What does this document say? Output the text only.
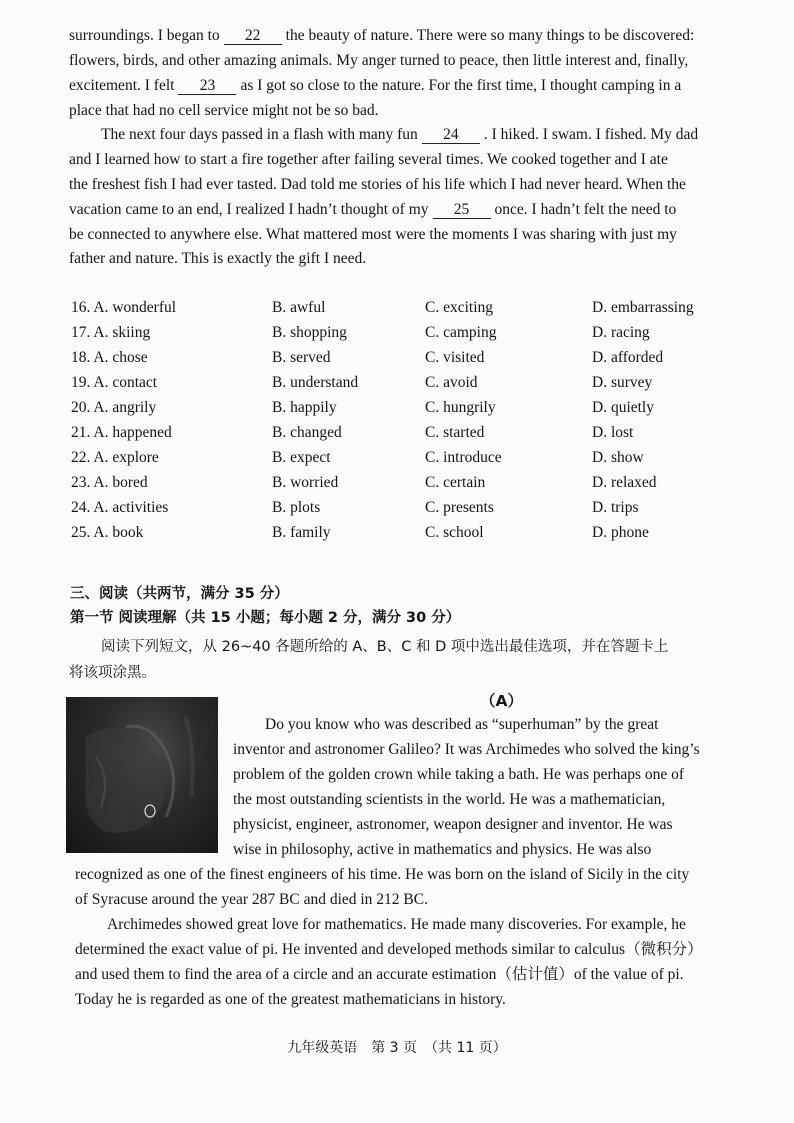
surroundings. I began to 22 the beauty of nature. There were so many things to be discovered:
flowers, birds, and other amazing animals. My anger turned to peace, then little interest and, finally,
excitement. I felt 23 as I got so close to the nature. For the first time, I thought camping in a
place that had no cell service might not be so bad.
The next four days passed in a flash with many fun 24 . I hiked. I swam. I fished. My dad
and I learned how to start a fire together after failing several times. We cooked together and I ate
the freshest fish I had ever tasted. Dad told me stories of his life which I had never heard. When the
vacation came to an end, I realized I hadn’t thought of my 25 once. I hadn’t felt the need to
be connected to anywhere else. What mattered most were the moments I was sharing with just my
father and nature. This is exactly the gift I need.
16. A. wonderful	B. awful	C. exciting	D. embarrassing
17. A. skiing	B. shopping	C. camping	D. racing
18. A. chose	B. served	C. visited	D. afforded
19. A. contact	B. understand	C. avoid	D. survey
20. A. angrily	B. happily	C. hungrily	D. quietly
21. A. happened	B. changed	C. started	D. lost
22. A. explore	B. expect	C. introduce	D. show
23. A. bored	B. worried	C. certain	D. relaxed
24. A. activities	B. plots	C. presents	D. trips
25. A. book	B. family	C. school	D. phone
三、阅读（共两节，满分 35 分）
第一节 阅读理解（共 15 小题；每小题 2 分，满分 30 分）
阅读下列短文，从 26~40 各题所给的 A、B、C 和 D 项中选出最佳选项，并在答题卡上
将该项涂黑。
（A）
Do you know who was described as “superhuman” by the great
inventor and astronomer Galileo? It was Archimedes who solved the king’s
problem of the golden crown while taking a bath. He was perhaps one of
the most outstanding scientists in the world. He was a mathematician,
physicist, engineer, astronomer, weapon designer and inventor. He was
wise in philosophy, active in mathematics and physics. He was also
recognized as one of the finest engineers of his time. He was born on the island of Sicily in the city
of Syracuse around the year 287 BC and died in 212 BC.
Archimedes showed great love for mathematics. He made many discoveries. For example, he
determined the exact value of pi. He invented and developed methods similar to calculus（微积分）
and used them to find the area of a circle and an accurate estimation（估计值）of the value of pi.
Today he is regarded as one of the greatest mathematicians in history.
九年级英语　第 3 页　（共 11 页）
